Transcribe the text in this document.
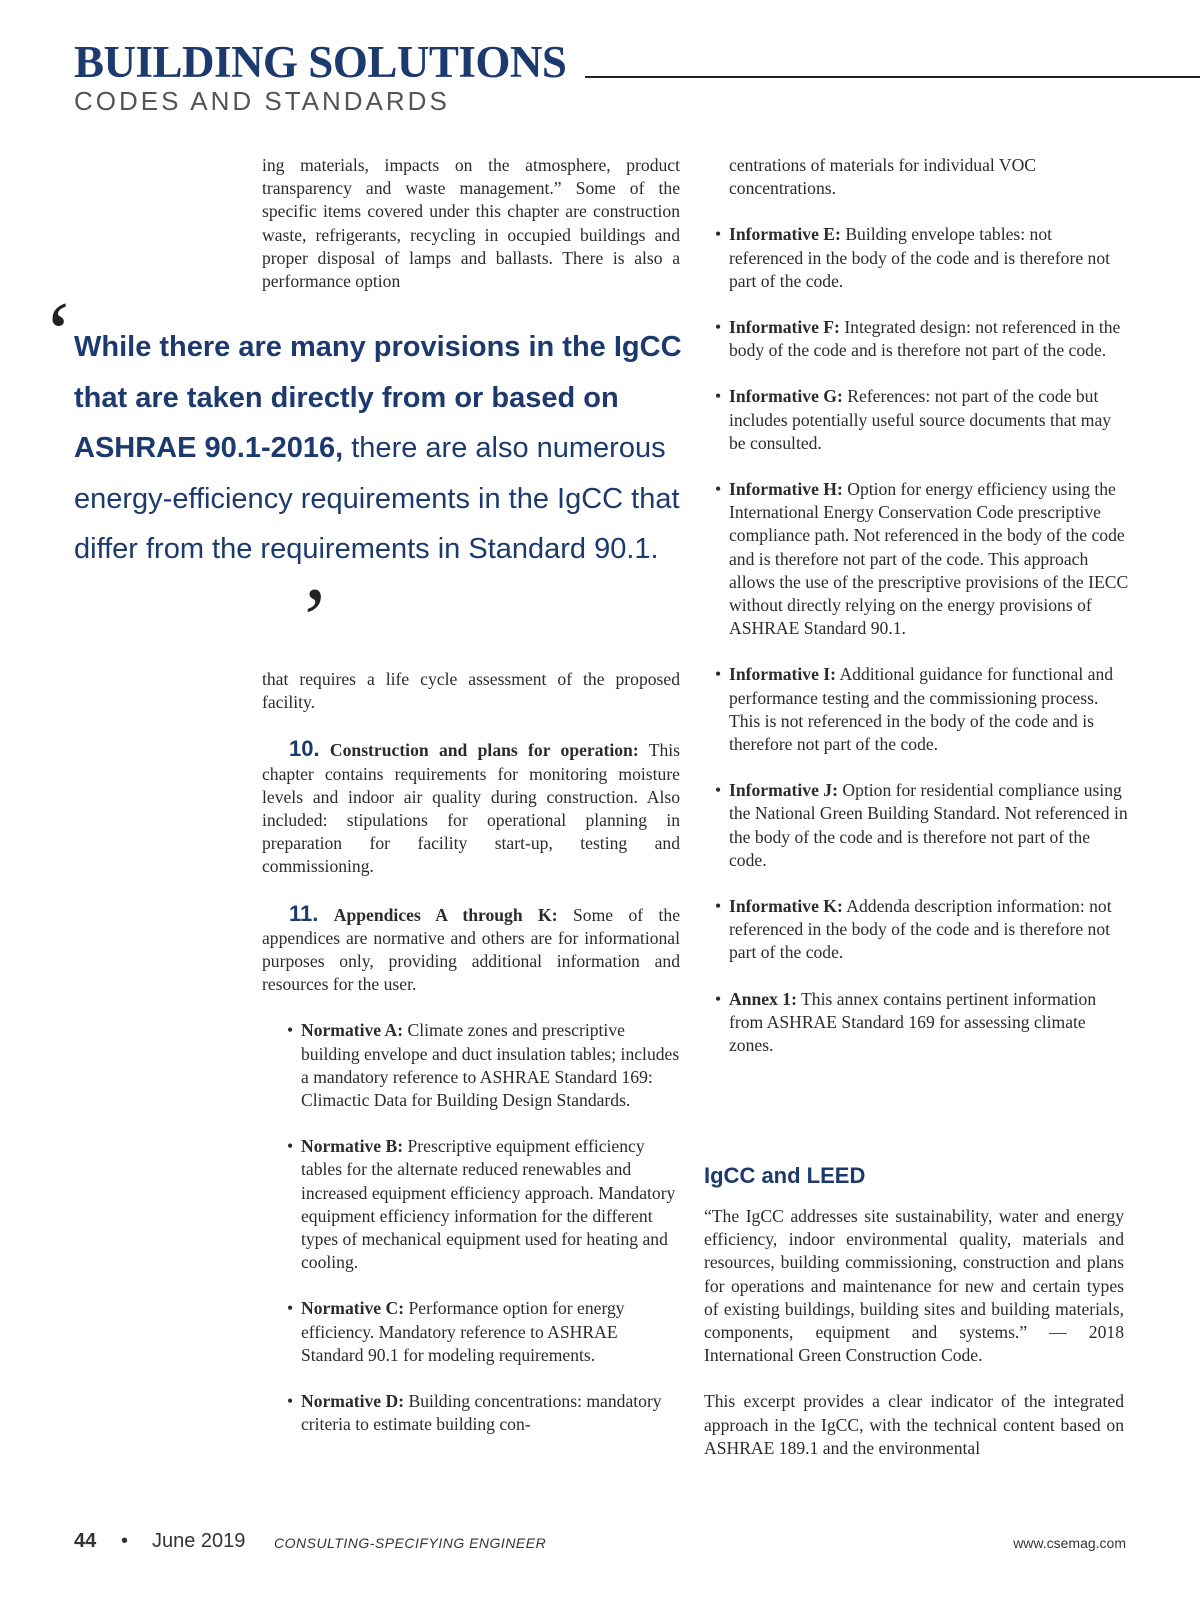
BUILDING SOLUTIONS
CODES AND STANDARDS

ing materials, impacts on the atmosphere, product transparency and waste management.” Some of the specific items covered under this chapter are construction waste, refrigerants, recycling in occupied buildings and proper disposal of lamps and ballasts. There is also a performance option

‘ While there are many provisions in the IgCC that are taken directly from or based on ASHRAE 90.1-2016, there are also numerous energy-efficiency requirements in the IgCC that differ from the requirements in Standard 90.1.
’

that requires a life cycle assessment of the proposed facility.

10. Construction and plans for operation: This chapter contains requirements for monitoring moisture levels and indoor air quality during construction. Also included: stipulations for operational planning in preparation for facility start-up, testing and commissioning.

11. Appendices A through K: Some of the appendices are normative and others are for informational purposes only, providing additional information and resources for the user.

• Normative A: Climate zones and prescriptive building envelope and duct insulation tables; includes a mandatory reference to ASHRAE Standard 169: Climactic Data for Building Design Standards.
• Normative B: Prescriptive equipment efficiency tables for the alternate reduced renewables and increased equipment efficiency approach. Mandatory equipment efficiency information for the different types of mechanical equipment used for heating and cooling.
• Normative C: Performance option for energy efficiency. Mandatory reference to ASHRAE Standard 90.1 for modeling requirements.
• Normative D: Building concentrations: mandatory criteria to estimate building con-

centrations of materials for individual VOC concentrations.

• Informative E: Building envelope tables: not referenced in the body of the code and is therefore not part of the code.
• Informative F: Integrated design: not referenced in the body of the code and is therefore not part of the code.
• Informative G: References: not part of the code but includes potentially useful source documents that may be consulted.
• Informative H: Option for energy efficiency using the International Energy Conservation Code prescriptive compliance path. Not referenced in the body of the code and is therefore not part of the code. This approach allows the use of the prescriptive provisions of the IECC without directly relying on the energy provisions of ASHRAE Standard 90.1.
• Informative I: Additional guidance for functional and performance testing and the commissioning process. This is not referenced in the body of the code and is therefore not part of the code.
• Informative J: Option for residential compliance using the National Green Building Standard. Not referenced in the body of the code and is therefore not part of the code.
• Informative K: Addenda description information: not referenced in the body of the code and is therefore not part of the code.
• Annex 1: This annex contains pertinent information from ASHRAE Standard 169 for assessing climate zones.
IgCC and LEED

“The IgCC addresses site sustainability, water and energy efficiency, indoor environmental quality, materials and resources, building commissioning, construction and plans for operations and maintenance for new and certain types of existing buildings, building sites and building materials, components, equipment and systems.” — 2018 International Green Construction Code.

This excerpt provides a clear indicator of the integrated approach in the IgCC, with the technical content based on ASHRAE 189.1 and the environmental

44 • June 2019 CONSULTING-SPECIFYING ENGINEER	www.csemag.com
